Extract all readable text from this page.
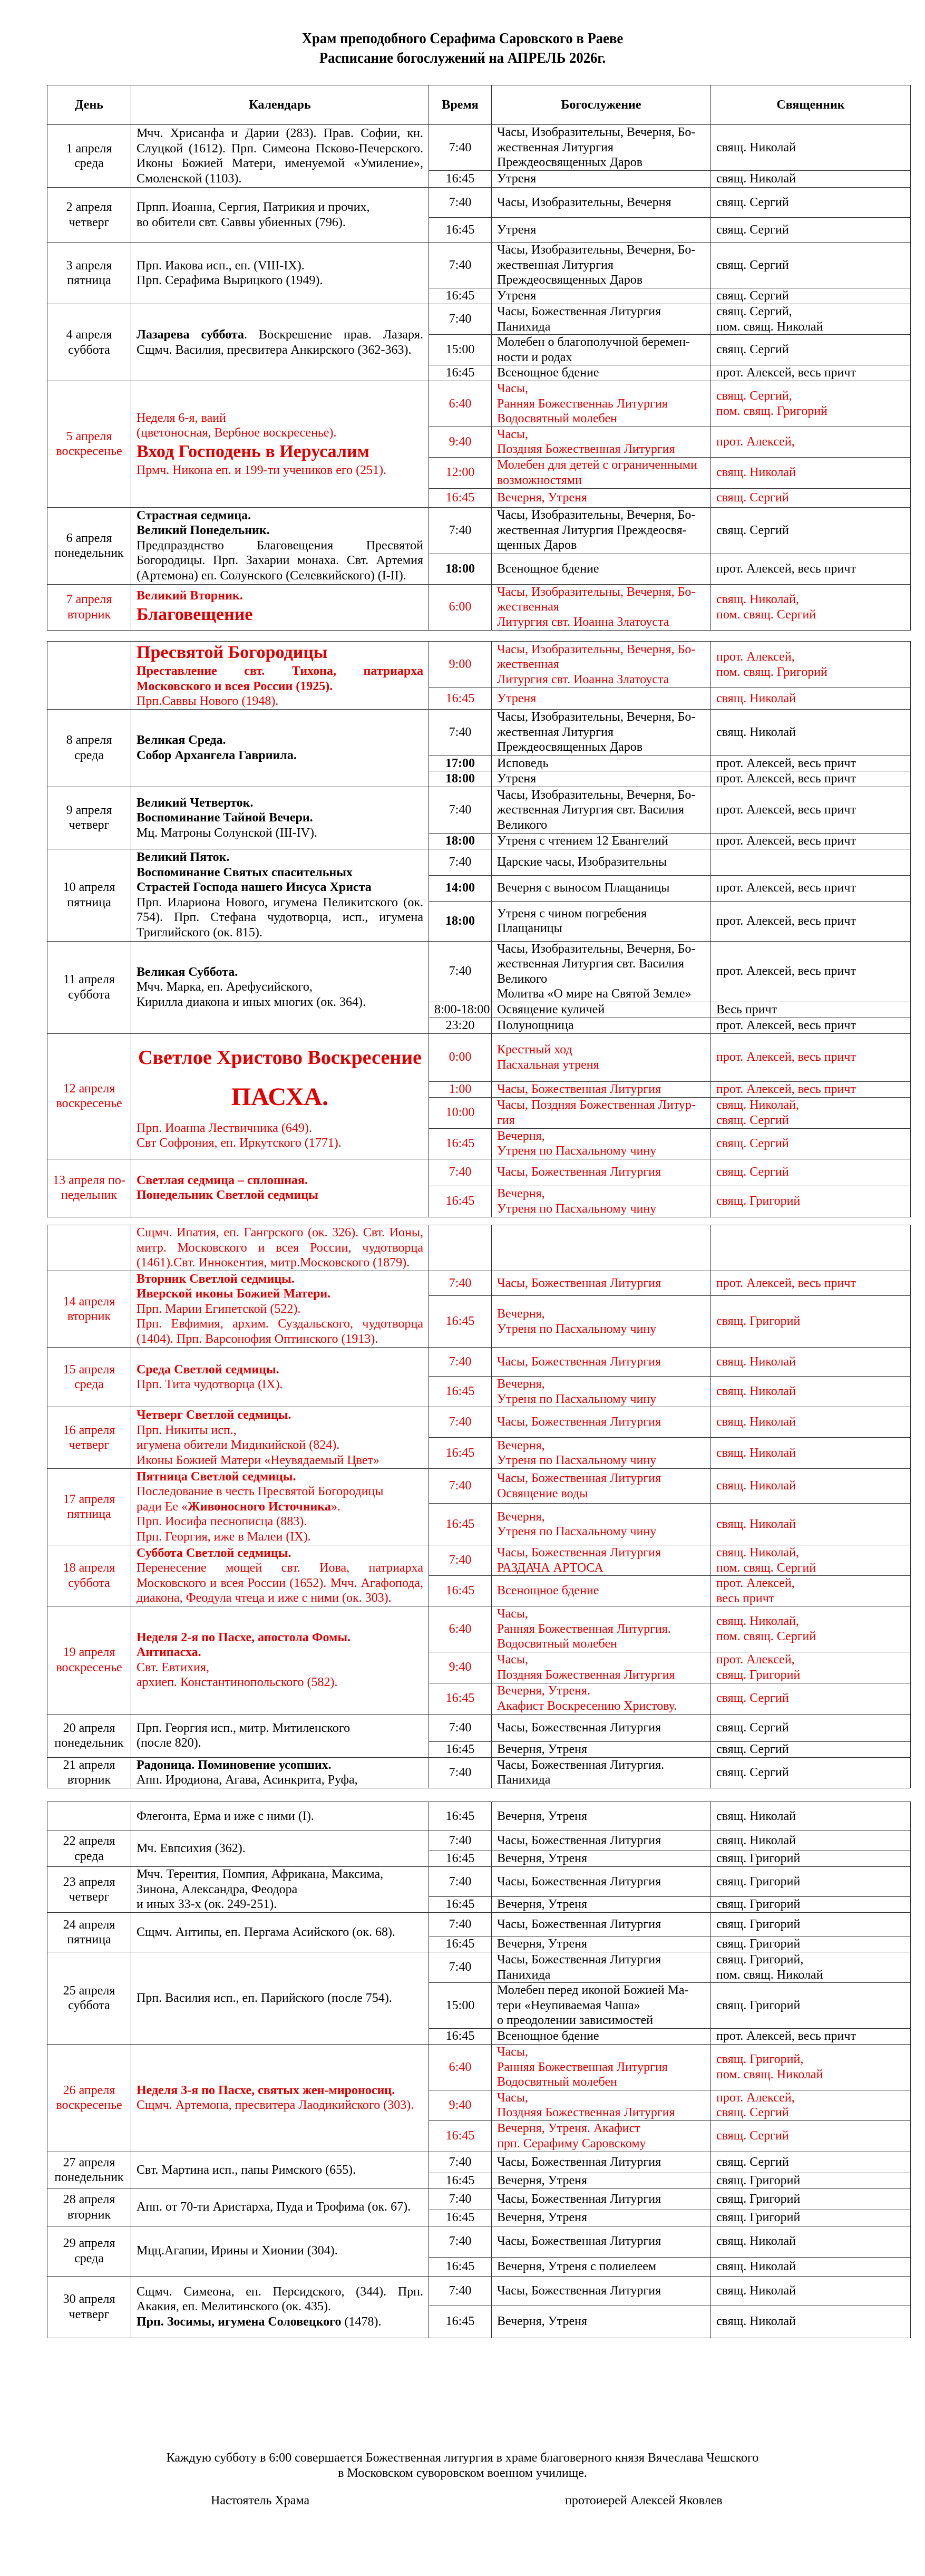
Храм преподобного Серафима Саровского в Раеве
Расписание богослужений на АПРЕЛЬ 2026г.
День	Календарь	Время	Богослужение	Священник

1 апреля
среда	Мчч. Хрисанфа и Дарии (283). Прав. Софии, кн. Слуцкой (1612). Прп. Симеона Псково-Печерского. Иконы Божией Матери, именуемой «Умиление», Смоленской (1103).	7:40	Часы, Изобразительны, Вечерня, Бо-
жественная Литургия
Преждеосвященных Даров	свящ. Николай

		16:45	Утреня	свящ. Николай

2 апреля
четверг	Прпп. Иоанна, Сергия, Патрикия и прочих,
во обители свт. Саввы убиенных (796).	7:40	Часы, Изобразительны, Вечерня	свящ. Сергий

		16:45	Утреня	свящ. Сергий

3 апреля
пятница	Прп. Иакова исп., еп. (VIII-IX).
Прп. Серафима Вырицкого (1949).	7:40	Часы, Изобразительны, Вечерня, Бо-
жественная Литургия
Преждеосвященных Даров	свящ. Сергий

		16:45	Утреня	свящ. Сергий

4 апреля
суббота	Лазарева суббота. Воскрешение прав. Лазаря. Сщмч. Василия, пресвитера Анкирского (362-363).	7:40	Часы, Божественная Литургия
Панихида	свящ. Сергий,
пом. свящ. Николай

		15:00	Молебен о благополучной беремен-
ности и родах	свящ. Сергий

		16:45	Всенощное бдение	прот. Алексей, весь причт

5 апреля
воскресенье	Неделя 6-я, ваий
(цветоносная, Вербное воскресенье).
Вход Господень в Иерусалим
Прмч. Никона еп. и 199-ти учеников его (251).	6:40	Часы,
Ранняя Божественнаь Литургия
Водосвятный молебен	свящ. Сергий,
пом. свящ. Григорий

		9:40	Часы,
Поздняя Божественная Литургия	прот. Алексей,

		12:00	Молебен для детей с ограниченными
возможностями	свящ. Николай

		16:45	Вечерня, Утреня	свящ. Сергий

6 апреля
понедельник	Страстная седмица.
Великий Понедельник.
Предпразднство Благовещения Пресвятой Богородицы. Прп. Захарии монаха. Свт. Артемия (Артемона) еп. Солунского (Селевкийского) (I-II).	7:40	Часы, Изобразительны, Вечерня, Бо-
жественная Литургия Преждеосвя-
щенных Даров	свящ. Сергий

		18:00	Всенощное бдение	прот. Алексей, весь причт

7 апреля
вторник	Великий Вторник.
Благовещение	6:00	Часы, Изобразительны, Вечерня, Бо-
жественная
Литургия свт. Иоанна Златоуста	свящ. Николай,
пом. свящ. Сергий

	Пресвятой Богородицы
Преставление свт. Тихона, патриарха Московского и всея России (1925).
Прп.Саввы Нового (1948).	9:00	Часы, Изобразительны, Вечерня, Бо-
жественная
Литургия свт. Иоанна Златоуста	прот. Алексей,
пом. свящ. Григорий

		16:45	Утреня	свящ. Николай

8 апреля
среда	Великая Среда.
Собор Архангела Гавриила.	7:40	Часы, Изобразительны, Вечерня, Бо-
жественная Литургия
Преждеосвященных Даров	свящ. Николай

		17:00	Исповедь	прот. Алексей, весь причт

		18:00	Утреня	прот. Алексей, весь причт

9 апреля
четверг	Великий Четверток.
Воспоминание Тайной Вечери.
Мц. Матроны Солунской (III-IV).	7:40	Часы, Изобразительны, Вечерня, Бо-
жественная Литургия свт. Василия
Великого	прот. Алексей, весь причт

		18:00	Утреня с чтением 12 Евангелий	прот. Алексей, весь причт

10 апреля
пятница	Великий Пяток.
Воспоминание Святых спасительных
Страстей Господа нашего Иисуса Христа
Прп. Илариона Нового, игумена Пеликитского (ок. 754). Прп. Стефана чудотворца, исп., игумена Триглийского (ок. 815).	7:40	Царские часы, Изобразительны	

		14:00	Вечерня с выносом Плащаницы	прот. Алексей, весь причт

		18:00	Утреня с чином погребения
Плащаницы	прот. Алексей, весь причт

11 апреля
суббота	Великая Суббота.
Мчч. Марка, еп. Арефусийского,
Кирилла диакона и иных многих (ок. 364).	7:40	Часы, Изобразительны, Вечерня, Бо-
жественная Литургия свт. Василия
Великого
Молитва «О мире на Святой Земле»	прот. Алексей, весь причт

		8:00-18:00	Освящение куличей	Весь причт

		23:20	Полунощница	прот. Алексей, весь причт

12 апреля
воскресенье	Светлое Христово Воскресение
ПАСХА.
Прп. Иоанна Лествичника (649).
Свт Софрония, еп. Иркутского (1771).	0:00	Крестный ход
Пасхальная утреня	прот. Алексей, весь причт

		1:00	Часы, Божественная Литургия	прот. Алексей, весь причт

		10:00	Часы, Поздняя Божественная Литур-
гия	свящ. Николай,
свящ. Сергий

		16:45	Вечерня,
Утреня по Пасхальному чину	свящ. Сергий

13 апреля по-
недельник	Светлая седмица – сплошная.
Понедельник Светлой седмицы	7:40	Часы, Божественная Литургия	свящ. Сергий

		16:45	Вечерня,
Утреня по Пасхальному чину	свящ. Григорий

	Сщмч. Ипатия, еп. Гангрского (ок. 326). Свт. Ионы, митр. Московского и всея России, чудотворца (1461).Свт. Иннокентия, митр.Московского (1879).			

14 апреля
вторник	Вторник Светлой седмицы.
Иверской иконы Божией Матери.
Прп. Марии Египетской (522).
Прп. Евфимия, архим. Суздальского, чудотворца (1404). Прп. Варсонофия Оптинского (1913).	7:40	Часы, Божественная Литургия	прот. Алексей, весь причт

		16:45	Вечерня,
Утреня по Пасхальному чину	свящ. Григорий

15 апреля
среда	Среда Светлой седмицы.
Прп. Тита чудотворца (IX).	7:40	Часы, Божественная Литургия	свящ. Николай

		16:45	Вечерня,
Утреня по Пасхальному чину	свящ. Николай

16 апреля
четверг	Четверг Светлой седмицы.
Прп. Никиты исп.,
игумена обители Мидикийской (824).
Иконы Божией Матери «Неувядаемый Цвет»	7:40	Часы, Божественная Литургия	свящ. Николай

		16:45	Вечерня,
Утреня по Пасхальному чину	свящ. Николай

17 апреля
пятница	Пятница Светлой седмицы.
Последование в честь Пресвятой Богородицы
ради Ее «Живоносного Источника».
Прп. Иосифа песнописца (883).
Прп. Георгия, иже в Малеи (IX).	7:40	Часы, Божественная Литургия
Освящение воды	свящ. Николай

		16:45	Вечерня,
Утреня по Пасхальному чину	свящ. Николай

18 апреля
суббота	Суббота Светлой седмицы.
Перенесение мощей свт. Иова, патриарха Московского и всея России (1652). Мчч. Агафопода, диакона, Феодула чтеца и иже с ними (ок. 303).	7:40	Часы, Божественная Литургия
РАЗДАЧА АРТОСА	свящ. Николай,
пом. свящ. Сергий

		16:45	Всенощное бдение	прот. Алексей,
весь причт

19 апреля
воскресенье	Неделя 2-я по Пасхе, апостола Фомы.
Антипасха.
Свт. Евтихия,
архиеп. Константинопольского (582).	6:40	Часы,
Ранняя Божественная Литургия.
Водосвятный молебен	свящ. Николай,
пом. свящ. Сергий

		9:40	Часы,
Поздняя Божественная Литургия	прот. Алексей,
свящ. Григорий

		16:45	Вечерня, Утреня.
Акафист Воскресению Христову.	свящ. Сергий

20 апреля
понедельник	Прп. Георгия исп., митр. Митиленского
(после 820).	7:40	Часы, Божественная Литургия	свящ. Сергий

		16:45	Вечерня, Утреня	свящ. Сергий

21 апреля
вторник	Радоница. Поминовение усопших.
Апп. Иродиона, Агава, Асинкрита, Руфа,	7:40	Часы, Божественная Литургия.
Панихида	свящ. Сергий

	Флегонта, Ерма и иже с ними (I).	16:45	Вечерня, Утреня	свящ. Николай

22 апреля
среда	Мч. Евпсихия (362).	7:40	Часы, Божественная Литургия	свящ. Николай

		16:45	Вечерня, Утреня	свящ. Григорий

23 апреля
четверг	Мчч. Терентия, Помпия, Африкана, Максима,
Зинона, Александра, Феодора
и иных 33-х (ок. 249-251).	7:40	Часы, Божественная Литургия	свящ. Григорий

		16:45	Вечерня, Утреня	свящ. Григорий

24 апреля
пятница	Сщмч. Антипы, еп. Пергама Асийского (ок. 68).	7:40	Часы, Божественная Литургия	свящ. Григорий

		16:45	Вечерня, Утреня	свящ. Григорий

25 апреля
суббота	Прп. Василия исп., еп. Парийского (после 754).	7:40	Часы, Божественная Литургия
Панихида	свящ. Григорий,
пом. свящ. Николай

		15:00	Молебен перед иконой Божией Ма-
тери «Неупиваемая Чаша»
о преодолении зависимостей	свящ. Григорий

		16:45	Всенощное бдение	прот. Алексей, весь причт

26 апреля
воскресенье	Неделя 3-я по Пасхе, святых жен-мироносиц.
Сщмч. Артемона, пресвитера Лаодикийского (303).	6:40	Часы,
Ранняя Божественная Литургия
Водосвятный молебен	свящ. Григорий,
пом. свящ. Николай

		9:40	Часы,
Поздняя Божественная Литургия	прот. Алексей,
свящ. Сергий

		16:45	Вечерня, Утреня. Акафист
прп. Серафиму Саровскому	свящ. Сергий

27 апреля
понедельник	Свт. Мартина исп., папы Римского (655).	7:40	Часы, Божественная Литургия	свящ. Сергий

		16:45	Вечерня, Утреня	свящ. Григорий

28 апреля
вторник	Апп. от 70-ти Аристарха, Пуда и Трофима (ок. 67).	7:40	Часы, Божественная Литургия	свящ. Григорий

		16:45	Вечерня, Утреня	свящ. Григорий

29 апреля
среда	Мцц.Агапии, Ирины и Хионии (304).	7:40	Часы, Божественная Литургия	свящ. Николай

		16:45	Вечерня, Утреня с полиелеем	свящ. Николай

30 апреля
четверг	Сщмч. Симеона, еп. Персидского, (344). Прп. Акакия, еп. Мелитинского (ок. 435).
Прп. Зосимы, игумена Соловецкого (1478).	7:40	Часы, Божественная Литургия	свящ. Николай

		16:45	Вечерня, Утреня	свящ. Николай
Каждую субботу в 6:00 совершается Божественная литургия в храме благоверного князя Вячеслава Чешского
в Московском суворовском военном училище.
Настоятель Храма	протоиерей Алексей Яковлев
